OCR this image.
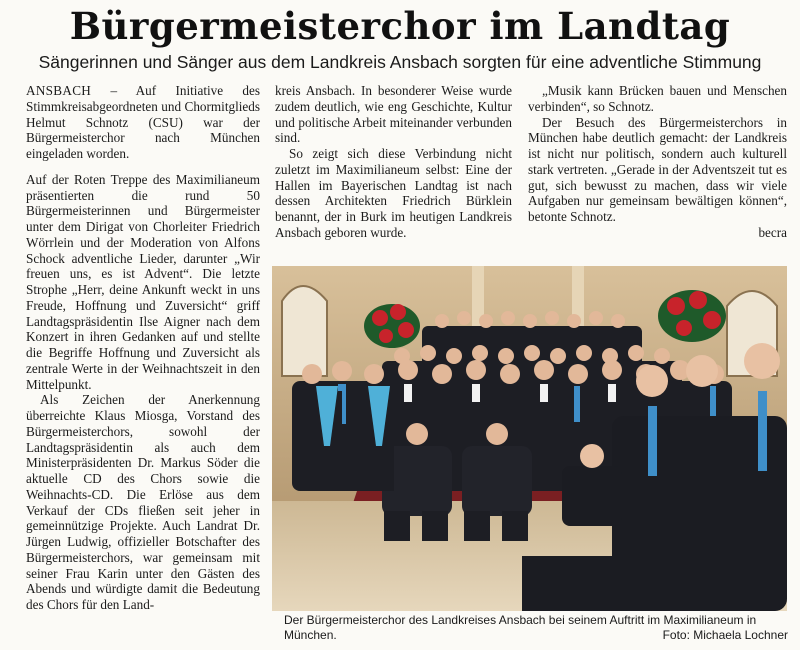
Bürgermeisterchor im Landtag
Sängerinnen und Sänger aus dem Landkreis Ansbach sorgten für eine adventliche Stimmung

ANSBACH – Auf Initiative des Stimmkreisabgeordneten und Chormitglieds Helmut Schnotz (CSU) war der Bürgermeisterchor nach München eingeladen worden.

Auf der Roten Treppe des Maximilianeum präsentierten die rund 50 Bürgermeisterinnen und Bürgermeister unter dem Dirigat von Chorleiter Friedrich Wörrlein und der Moderation von Alfons Schock adventliche Lieder, darunter „Wir freuen uns, es ist Advent“. Die letzte Strophe „Herr, deine Ankunft weckt in uns Freude, Hoffnung und Zuversicht“ griff Landtagspräsidentin Ilse Aigner nach dem Konzert in ihren Gedanken auf und stellte die Begriffe Hoffnung und Zuversicht als zentrale Werte in der Weihnachtszeit in den Mittelpunkt.

Als Zeichen der Anerkennung überreichte Klaus Miosga, Vorstand des Bürgermeisterchors, sowohl der Landtagspräsidentin als auch dem Ministerpräsidenten Dr. Markus Söder die aktuelle CD des Chors sowie die Weihnachts-CD. Die Erlöse aus dem Verkauf der CDs fließen seit jeher in gemeinnützige Projekte. Auch Landrat Dr. Jürgen Ludwig, offizieller Botschafter des Bürgermeisterchors, war gemeinsam mit seiner Frau Karin unter den Gästen des Abends und würdigte damit die Bedeutung des Chors für den Land-

kreis Ansbach. In besonderer Weise wurde zudem deutlich, wie eng Geschichte, Kultur und politische Arbeit miteinander verbunden sind.

So zeigt sich diese Verbindung nicht zuletzt im Maximilianeum selbst: Eine der Hallen im Bayerischen Landtag ist nach dessen Architekten Friedrich Bürklein benannt, der in Burk im heutigen Landkreis Ansbach geboren wurde.

„Musik kann Brücken bauen und Menschen verbinden“, so Schnotz.

Der Besuch des Bürgermeisterchors in München habe deutlich gemacht: der Landkreis ist nicht nur politisch, sondern auch kulturell stark vertreten. „Gerade in der Adventszeit tut es gut, sich bewusst zu machen, dass wir viele Aufgaben nur gemeinsam bewältigen können“, betonte Schnotz.

becra

Der Bürgermeisterchor des Landkreises Ansbach bei seinem Auftritt im Maximilianeum in München.	Foto: Michaela Lochner
